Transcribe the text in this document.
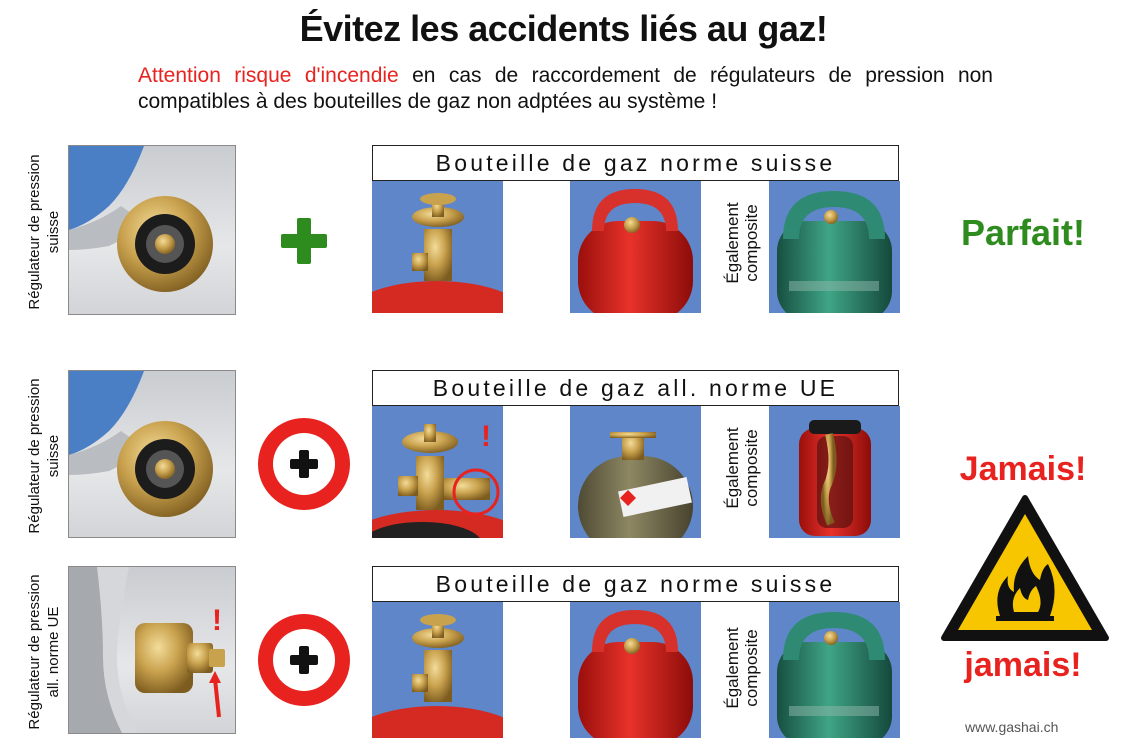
Évitez les accidents liés au gaz!
Attention risque d'incendie en cas de raccordement de régulateurs de pression non compatibles à des bouteilles de gaz non adptées au système !
Régulateur de pression suisse
Bouteille de gaz norme suisse
Également composite	Parfait!
Régulateur de pression suisse
Bouteille de gaz all. norme UE
!	Également composite
Régulateur de pression all. norme UE	!
Bouteille de gaz norme suisse
Également composite
Jamais!
jamais!
www.gashai.ch
